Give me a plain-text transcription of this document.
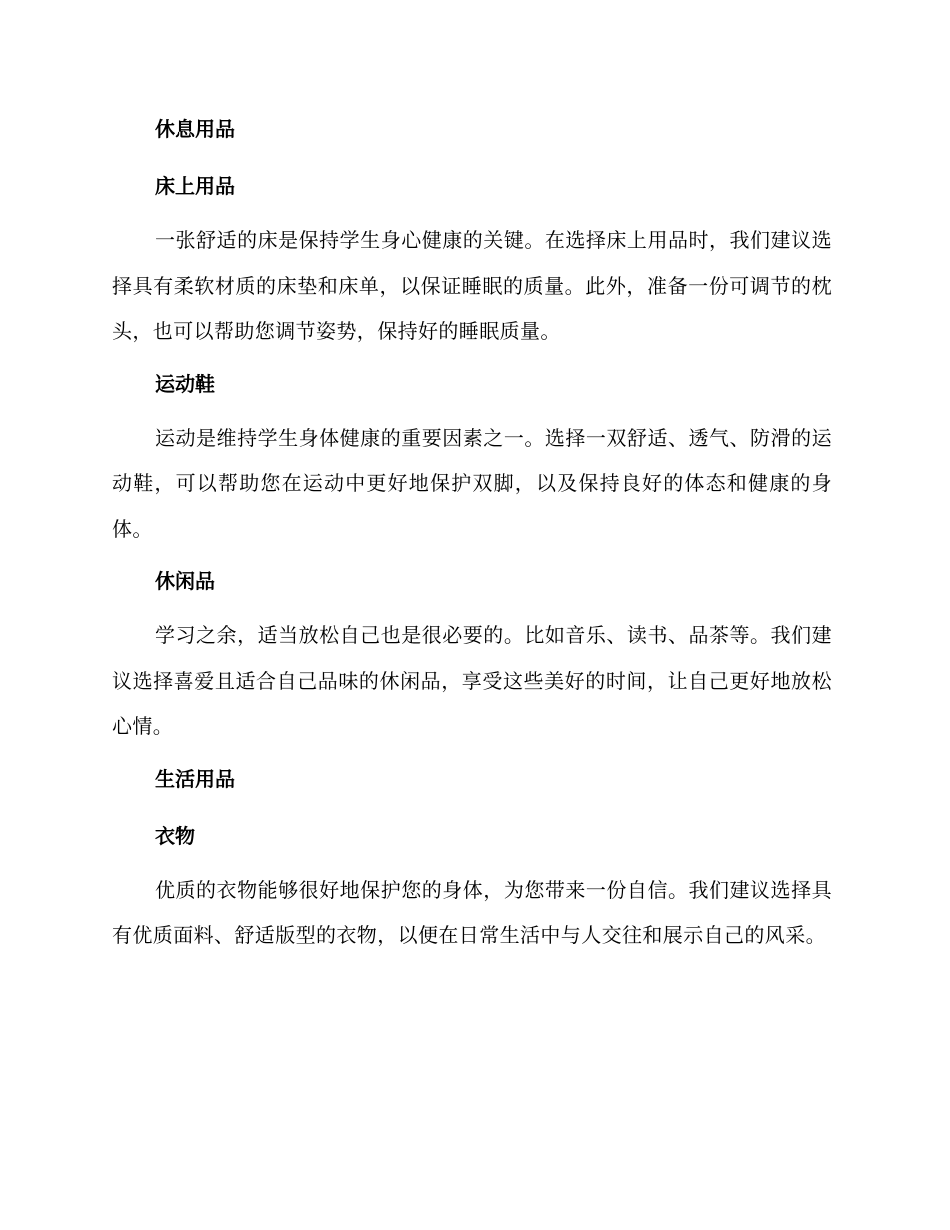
休息用品
床上用品

一张舒适的床是保持学生身心健康的关键。在选择床上用品时，我们建议选择具有柔软材质的床垫和床单，以保证睡眠的质量。此外，准备一份可调节的枕头，也可以帮助您调节姿势，保持好的睡眠质量。

运动鞋

运动是维持学生身体健康的重要因素之一。选择一双舒适、透气、防滑的运动鞋，可以帮助您在运动中更好地保护双脚，以及保持良好的体态和健康的身体。

休闲品

学习之余，适当放松自己也是很必要的。比如音乐、读书、品茶等。我们建议选择喜爱且适合自己品味的休闲品，享受这些美好的时间，让自己更好地放松心情。

生活用品
衣物

优质的衣物能够很好地保护您的身体，为您带来一份自信。我们建议选择具有优质面料、舒适版型的衣物，以便在日常生活中与人交往和展示自己的风采。
